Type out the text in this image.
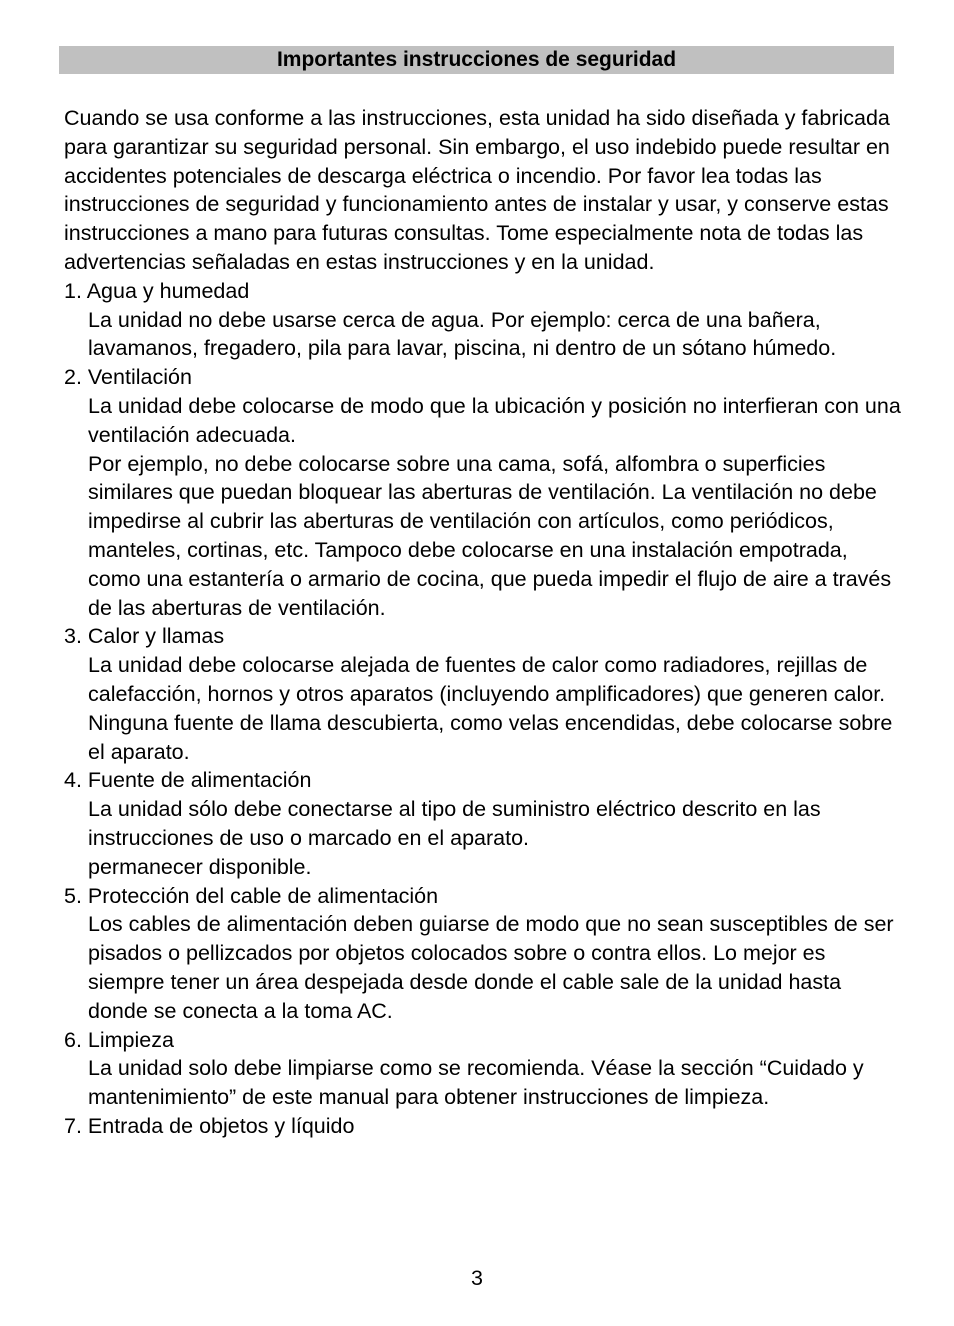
Importantes instrucciones de seguridad

Cuando se usa conforme a las instrucciones, esta unidad ha sido diseñada y fabricada para garantizar su seguridad personal. Sin embargo, el uso indebido puede resultar en accidentes potenciales de descarga eléctrica o incendio. Por favor lea todas las instrucciones de seguridad y funcionamiento antes de instalar y usar, y conserve estas instrucciones a mano para futuras consultas. Tome especialmente nota de todas las advertencias señaladas en estas instrucciones y en la unidad.

1. Agua y humedad

La unidad no debe usarse cerca de agua. Por ejemplo: cerca de una bañera, lavamanos, fregadero, pila para lavar, piscina, ni dentro de un sótano húmedo.

2. Ventilación

La unidad debe colocarse de modo que la ubicación y posición no interfieran con una ventilación adecuada.

Por ejemplo, no debe colocarse sobre una cama, sofá, alfombra o superficies similares que puedan bloquear las aberturas de ventilación. La ventilación no debe impedirse al cubrir las aberturas de ventilación con artículos, como periódicos, manteles, cortinas, etc. Tampoco debe colocarse en una instalación empotrada, como una estantería o armario de cocina, que pueda impedir el flujo de aire a través de las aberturas de ventilación.

3. Calor y llamas

La unidad debe colocarse alejada de fuentes de calor como radiadores, rejillas de calefacción, hornos y otros aparatos (incluyendo amplificadores) que generen calor. Ninguna fuente de llama descubierta, como velas encendidas, debe colocarse sobre el aparato.

4. Fuente de alimentación

La unidad sólo debe conectarse al tipo de suministro eléctrico descrito en las instrucciones de uso o marcado en el aparato.

permanecer disponible.

5. Protección del cable de alimentación

Los cables de alimentación deben guiarse de modo que no sean susceptibles de ser pisados o pellizcados por objetos colocados sobre o contra ellos. Lo mejor es siempre tener un área despejada desde donde el cable sale de la unidad hasta donde se conecta a la toma AC.

6. Limpieza

La unidad solo debe limpiarse como se recomienda. Véase la sección “Cuidado y mantenimiento” de este manual para obtener instrucciones de limpieza.

7. Entrada de objetos y líquido

3
